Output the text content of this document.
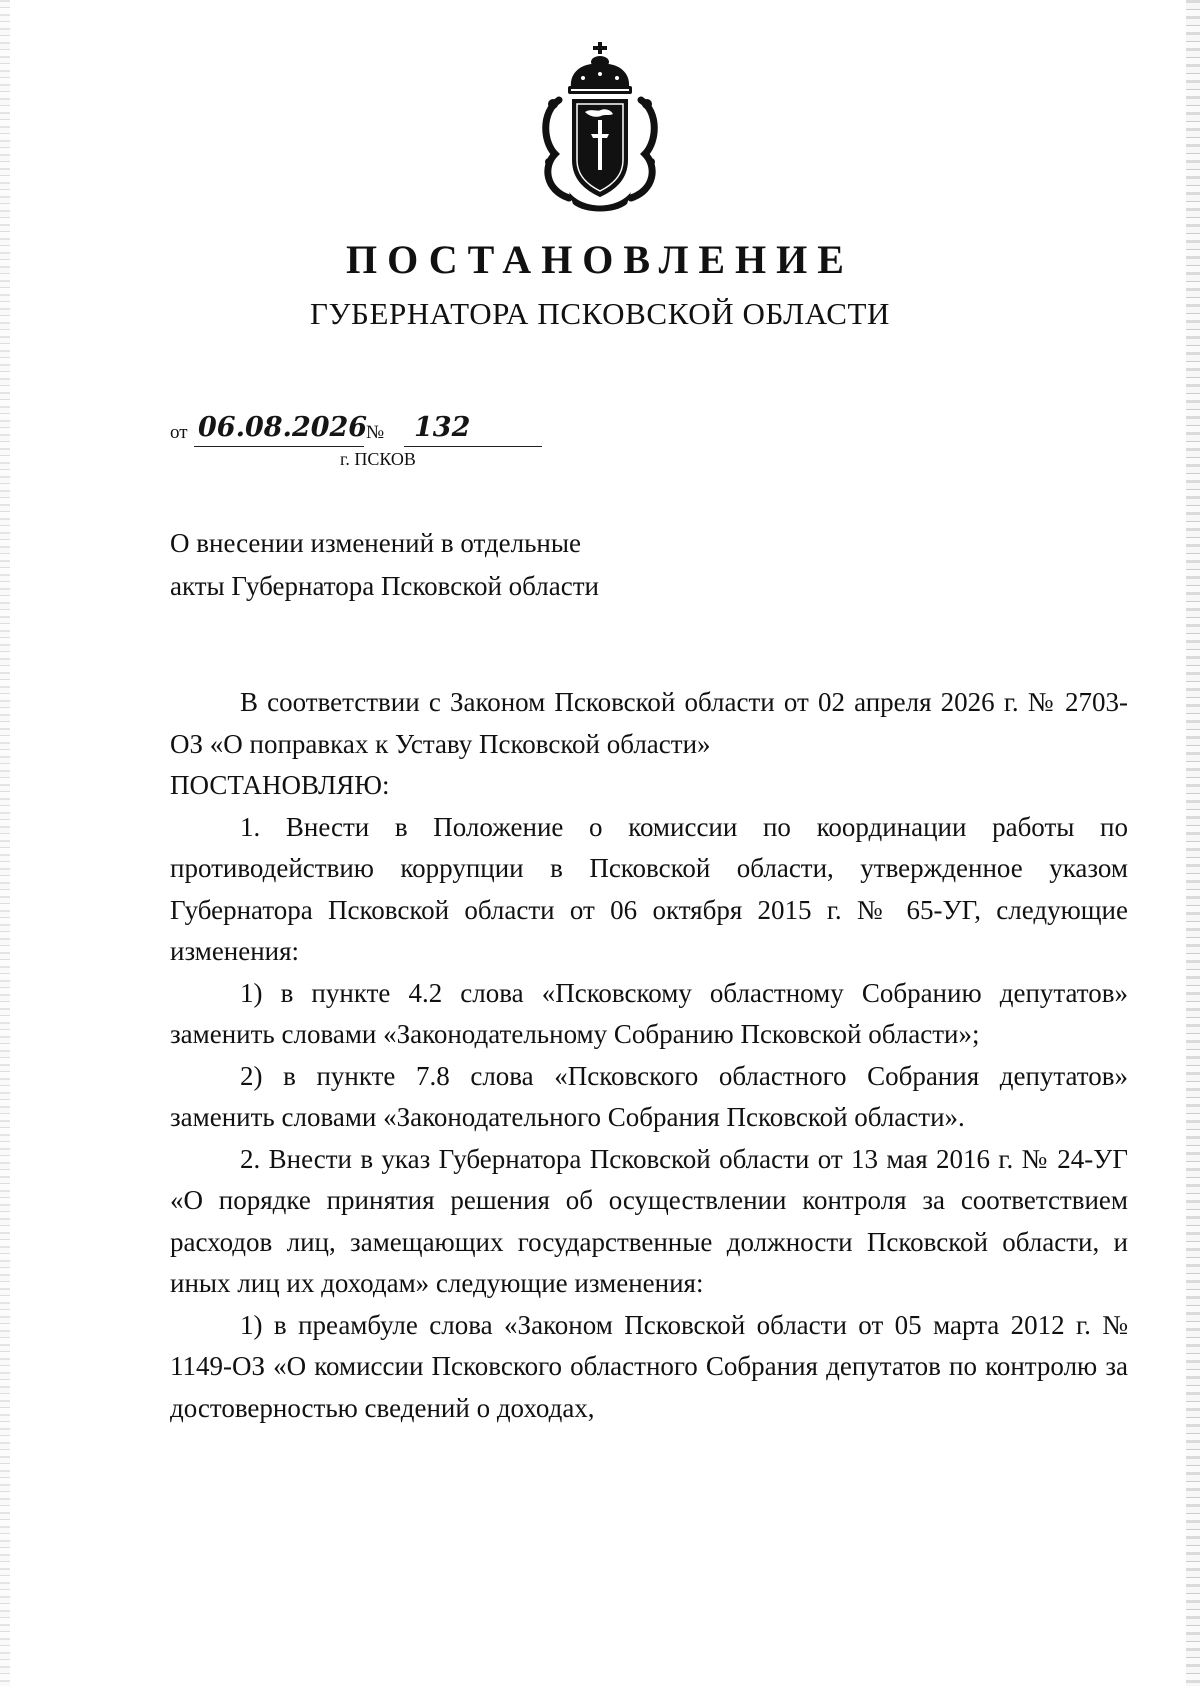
ПОСТАНОВЛЕНИЕ
ГУБЕРНАТОРА ПСКОВСКОЙ ОБЛАСТИ
от 06.08.2026
№ 132
г. ПСКОВ
О внесении изменений в отдельные
акты Губернатора Псковской области

В соответствии с Законом Псковской области от 02 апреля 2026 г. № 2703-ОЗ «О поправках к Уставу Псковской области»

ПОСТАНОВЛЯЮ:

1. Внести в Положение о комиссии по координации работы по противодействию коррупции в Псковской области, утвержденное указом Губернатора Псковской области от 06 октября 2015 г. № 65-УГ, следующие изменения:

1) в пункте 4.2 слова «Псковскому областному Собранию депутатов» заменить словами «Законодательному Собранию Псковской области»;

2) в пункте 7.8 слова «Псковского областного Собрания депутатов» заменить словами «Законодательного Собрания Псковской области».

2. Внести в указ Губернатора Псковской области от 13 мая 2016 г. № 24-УГ «О порядке принятия решения об осуществлении контроля за соответствием расходов лиц, замещающих государственные должности Псковской области, и иных лиц их доходам» следующие изменения:

1) в преамбуле слова «Законом Псковской области от 05 марта 2012 г. № 1149-ОЗ «О комиссии Псковского областного Собрания депутатов по контролю за достоверностью сведений о доходах,
